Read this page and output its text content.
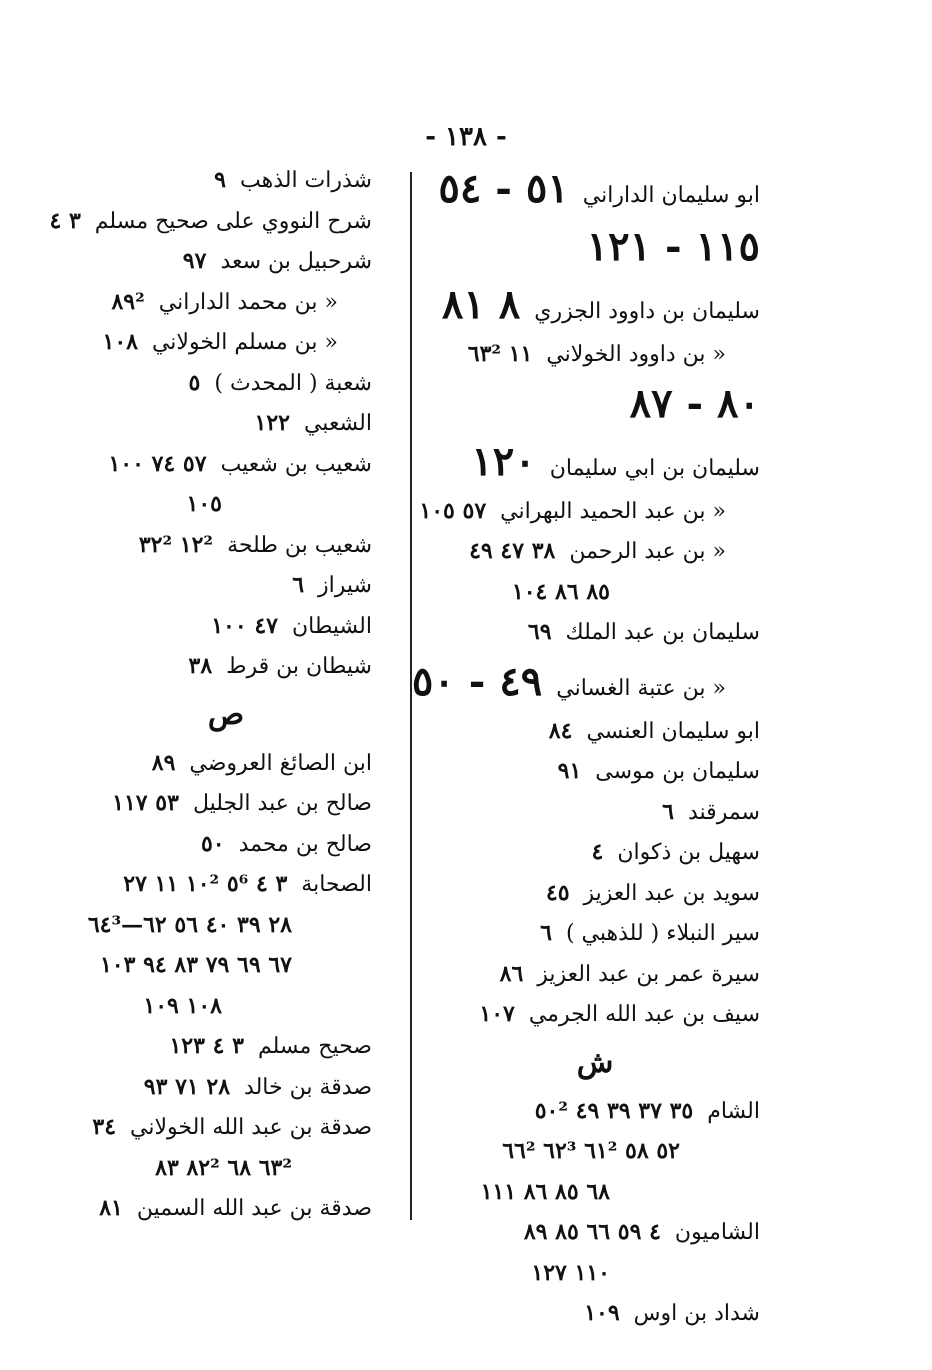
- ١٣٨ -
ابو سليمان الداراني٥١ - ٥٤
١١٥ - ١٢١
سليمان بن داوود الجزري٨ ٨١
« بن داوود الخولاني١١ ٦٣²
٨٠ - ٨٧
سليمان بن ابي سليمان١٢٠
« بن عبد الحميد البهراني٥٧ ١٠٥
« بن عبد الرحمن٣٨ ٤٧ ٤٩
٨٥ ٨٦ ١٠٤
سليمان بن عبد الملك٦٩
« بن عتبة الغساني٤٩ - ٥٠
ابو سليمان العنسي٨٤
سليمان بن موسى٩١
سمرقند٦
سهيل بن ذكوان٤
سويد بن عبد العزيز٤٥
سير النبلاء ( للذهبي )٦
سيرة عمر بن عبد العزيز٨٦
سيف بن عبد الله الجرمي١٠٧
ش
الشام٣٥ ٣٧ ٣٩ ٤٩ ٥٠²
٥٢ ٥٨ ٦١² ٦٢³ ٦٦²
٦٨ ٨٥ ٨٦ ١١١
الشاميون٤ ٥٩ ٦٦ ٨٥ ٨٩
١١٠ ١٢٧
شداد بن اوس١٠٩
شذرات الذهب٩
شرح النووي على صحيح مسلم٣ ٤
شرحبيل بن سعد٩٧
« بن محمد الداراني٨٩²
« بن مسلم الخولاني١٠٨
شعبة ( المحدث )٥
الشعبي١٢٢
شعيب بن شعيب٥٧ ٧٤ ١٠٠
١٠٥
شعيب بن طلحة١٢² ٣٢²
شيراز٦
الشيطان٤٧ ١٠٠
شيطان بن قرط٣٨
ص
ابن الصائغ العروضي٨٩
صالح بن عبد الجليل٥٣ ١١٧
صالح بن محمد٥٠
الصحابة٣ ٤ ٥⁶ ١٠² ١١ ٢٧
٢٨ ٣٩ ٤٠ ٥٦ ٦٢—٦٤³
٦٧ ٦٩ ٧٩ ٨٣ ٩٤ ١٠٣
١٠٨ ١٠٩
صحيح مسلم٣ ٤ ١٢٣
صدقة بن خالد٢٨ ٧١ ٩٣
صدقة بن عبد الله الخولاني٣٤
٦٣² ٦٨ ٨٢² ٨٣
صدقة بن عبد الله السمين٨١
